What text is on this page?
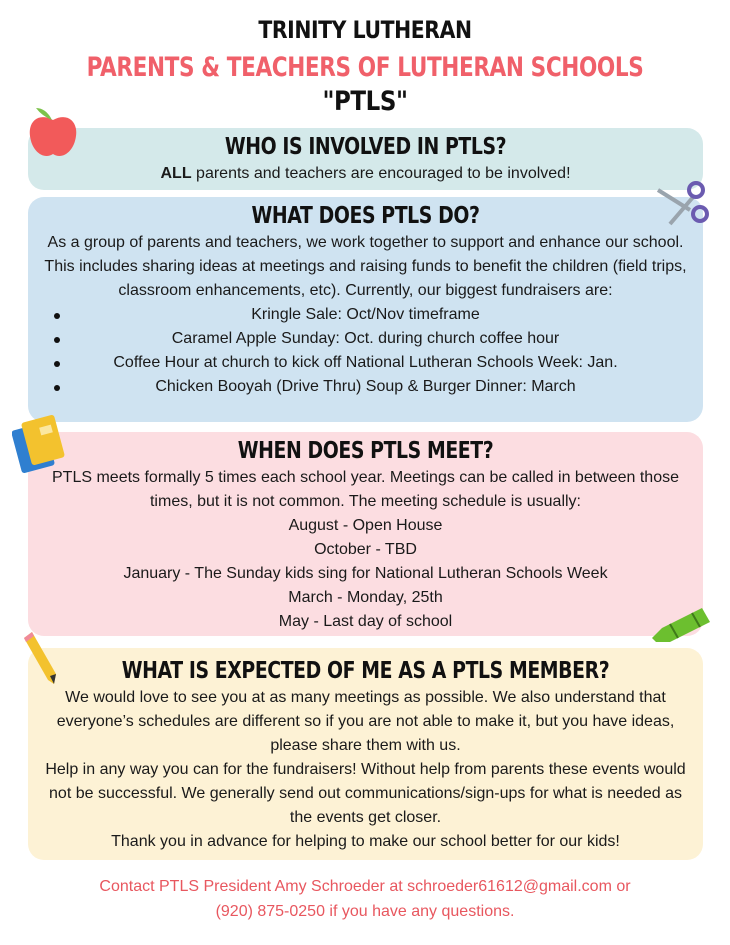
TRINITY LUTHERAN
PARENTS & TEACHERS OF LUTHERAN SCHOOLS
"PTLS"
WHO IS INVOLVED IN PTLS?

ALL parents and teachers are encouraged to be involved!

WHAT DOES PTLS DO?

As a group of parents and teachers, we work together to support and enhance our school. This includes sharing ideas at meetings and raising funds to benefit the children (field trips, classroom enhancements, etc). Currently, our biggest fundraisers are:

Kringle Sale: Oct/Nov timeframe
Caramel Apple Sunday: Oct. during church coffee hour
Coffee Hour at church to kick off National Lutheran Schools Week: Jan.
Chicken Booyah (Drive Thru) Soup & Burger Dinner: March
WHEN DOES PTLS MEET?

PTLS meets formally 5 times each school year. Meetings can be called in between those times, but it is not common. The meeting schedule is usually:

August - Open House

October - TBD

January - The Sunday kids sing for National Lutheran Schools Week

March - Monday, 25th

May - Last day of school

WHAT IS EXPECTED OF ME AS A PTLS MEMBER?

We would love to see you at as many meetings as possible. We also understand that everyone’s schedules are different so if you are not able to make it, but you have ideas, please share them with us.

Help in any way you can for the fundraisers! Without help from parents these events would not be successful. We generally send out communications/sign-ups for what is needed as the events get closer.

Thank you in advance for helping to make our school better for our kids!

Contact PTLS President Amy Schroeder at schroeder61612@gmail.com or
(920) 875-0250 if you have any questions.
